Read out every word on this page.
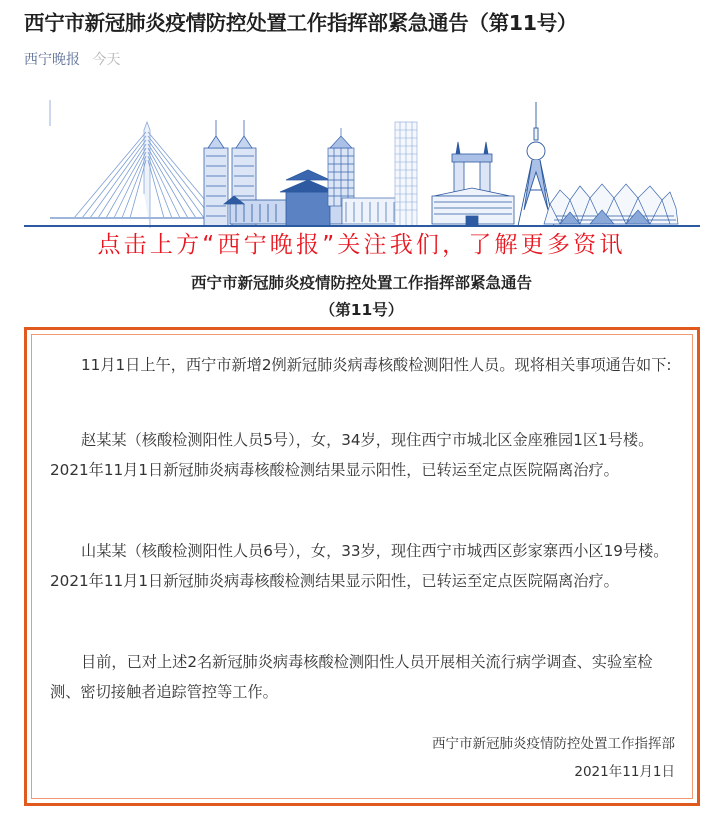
西宁市新冠肺炎疫情防控处置工作指挥部紧急通告（第11号）
西宁晚报 今天
点击上方“西宁晚报”关注我们，了解更多资讯
西宁市新冠肺炎疫情防控处置工作指挥部紧急通告
（第11号）

11月1日上午，西宁市新增2例新冠肺炎病毒核酸检测阳性人员。现将相关事项通告如下:

赵某某（核酸检测阳性人员5号），女，34岁，现住西宁市城北区金座雅园1区1号楼。2021年11月1日新冠肺炎病毒核酸检测结果显示阳性，已转运至定点医院隔离治疗。

山某某（核酸检测阳性人员6号），女，33岁，现住西宁市城西区彭家寨西小区19号楼。2021年11月1日新冠肺炎病毒核酸检测结果显示阳性，已转运至定点医院隔离治疗。

目前，已对上述2名新冠肺炎病毒核酸检测阳性人员开展相关流行病学调查、实验室检测、密切接触者追踪管控等工作。

西宁市新冠肺炎疫情防控处置工作指挥部
2021年11月1日
